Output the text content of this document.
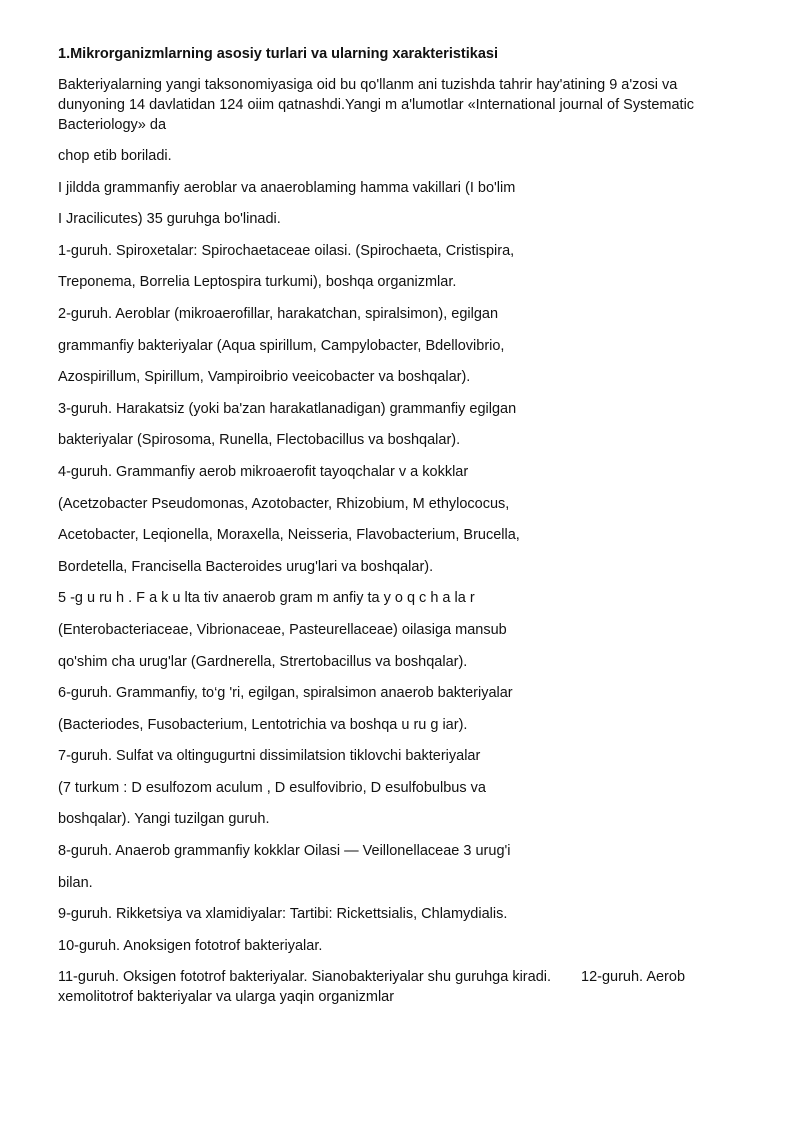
1.Mikrorganizmlarning asosiy turlari va ularning xarakteristikasi
Bakteriyalarning yangi taksonomiyasiga oid bu qo'llanm ani tuzishda tahrir hay'atining 9 a'zosi va dunyoning 14 davlatidan 124 oiim qatnashdi.Yangi m a'lumotlar «International journal of Systematic Bacteriology» da
chop etib boriladi.
I jildda grammanfiy aeroblar va anaeroblaming hamma vakillari (I bo'lim
I Jracilicutes) 35 guruhga bo'linadi.
1-guruh. Spiroxetalar: Spirochaetaceae oilasi. (Spirochaeta, Cristispira,
Treponema, Borrelia Leptospira turkumi), boshqa organizmlar.
2-guruh. Aeroblar (mikroaerofillar, harakatchan, spiralsimon), egilgan
grammanfiy bakteriyalar (Aqua spirillum, Campylobacter, Bdellovibrio,
Azospirillum, Spirillum, Vampiroibrio veeicobacter va boshqalar).
3-guruh. Harakatsiz (yoki ba'zan harakatlanadigan) grammanfiy egilgan
bakteriyalar (Spirosoma, Runella, Flectobacillus va boshqalar).
4-guruh. Grammanfiy aerob mikroaerofit tayoqchalar v a kokklar
(Acetzobacter Pseudomonas, Azotobacter, Rhizobium, M ethylococus,
Acetobacter, Leqionella, Moraxella, Neisseria, Flavobacterium, Brucella,
Bordetella, Francisella Bacteroides urug'lari va boshqalar).
5 -g u ru h . F a k u lta tiv anaerob gram m anfiy ta y o q c h a la r
(Enterobacteriaceae, Vibrionaceae, Pasteurellaceae) oilasiga mansub
qo'shim cha urug'lar (Gardnerella, Strertobacillus va boshqalar).
6-guruh. Grammanfiy, to‘g 'ri, egilgan, spiralsimon anaerob bakteriyalar
(Bacteriodes, Fusobacterium, Lentotrichia va boshqa u ru g iar).
7-guruh. Sulfat va oltingugurtni dissimilatsion tiklovchi bakteriyalar
(7 turkum : D esulfozom aculum , D esulfovibrio, D esulfobulbus va
boshqalar). Yangi tuzilgan guruh.
8-guruh. Anaerob grammanfiy kokklar Oilasi — Veillonellaceae 3 urug'i
bilan.
9-guruh. Rikketsiya va xlamidiyalar: Tartibi: Rickettsialis, Chlamydialis.
10-guruh. Anoksigen fototrof bakteriyalar.
11-guruh. Oksigen fototrof bakteriyalar. Sianobakteriyalar shu guruhga kiradi. 12-guruh. Aerob
xemolitotrof bakteriyalar va ularga yaqin organizmlar
